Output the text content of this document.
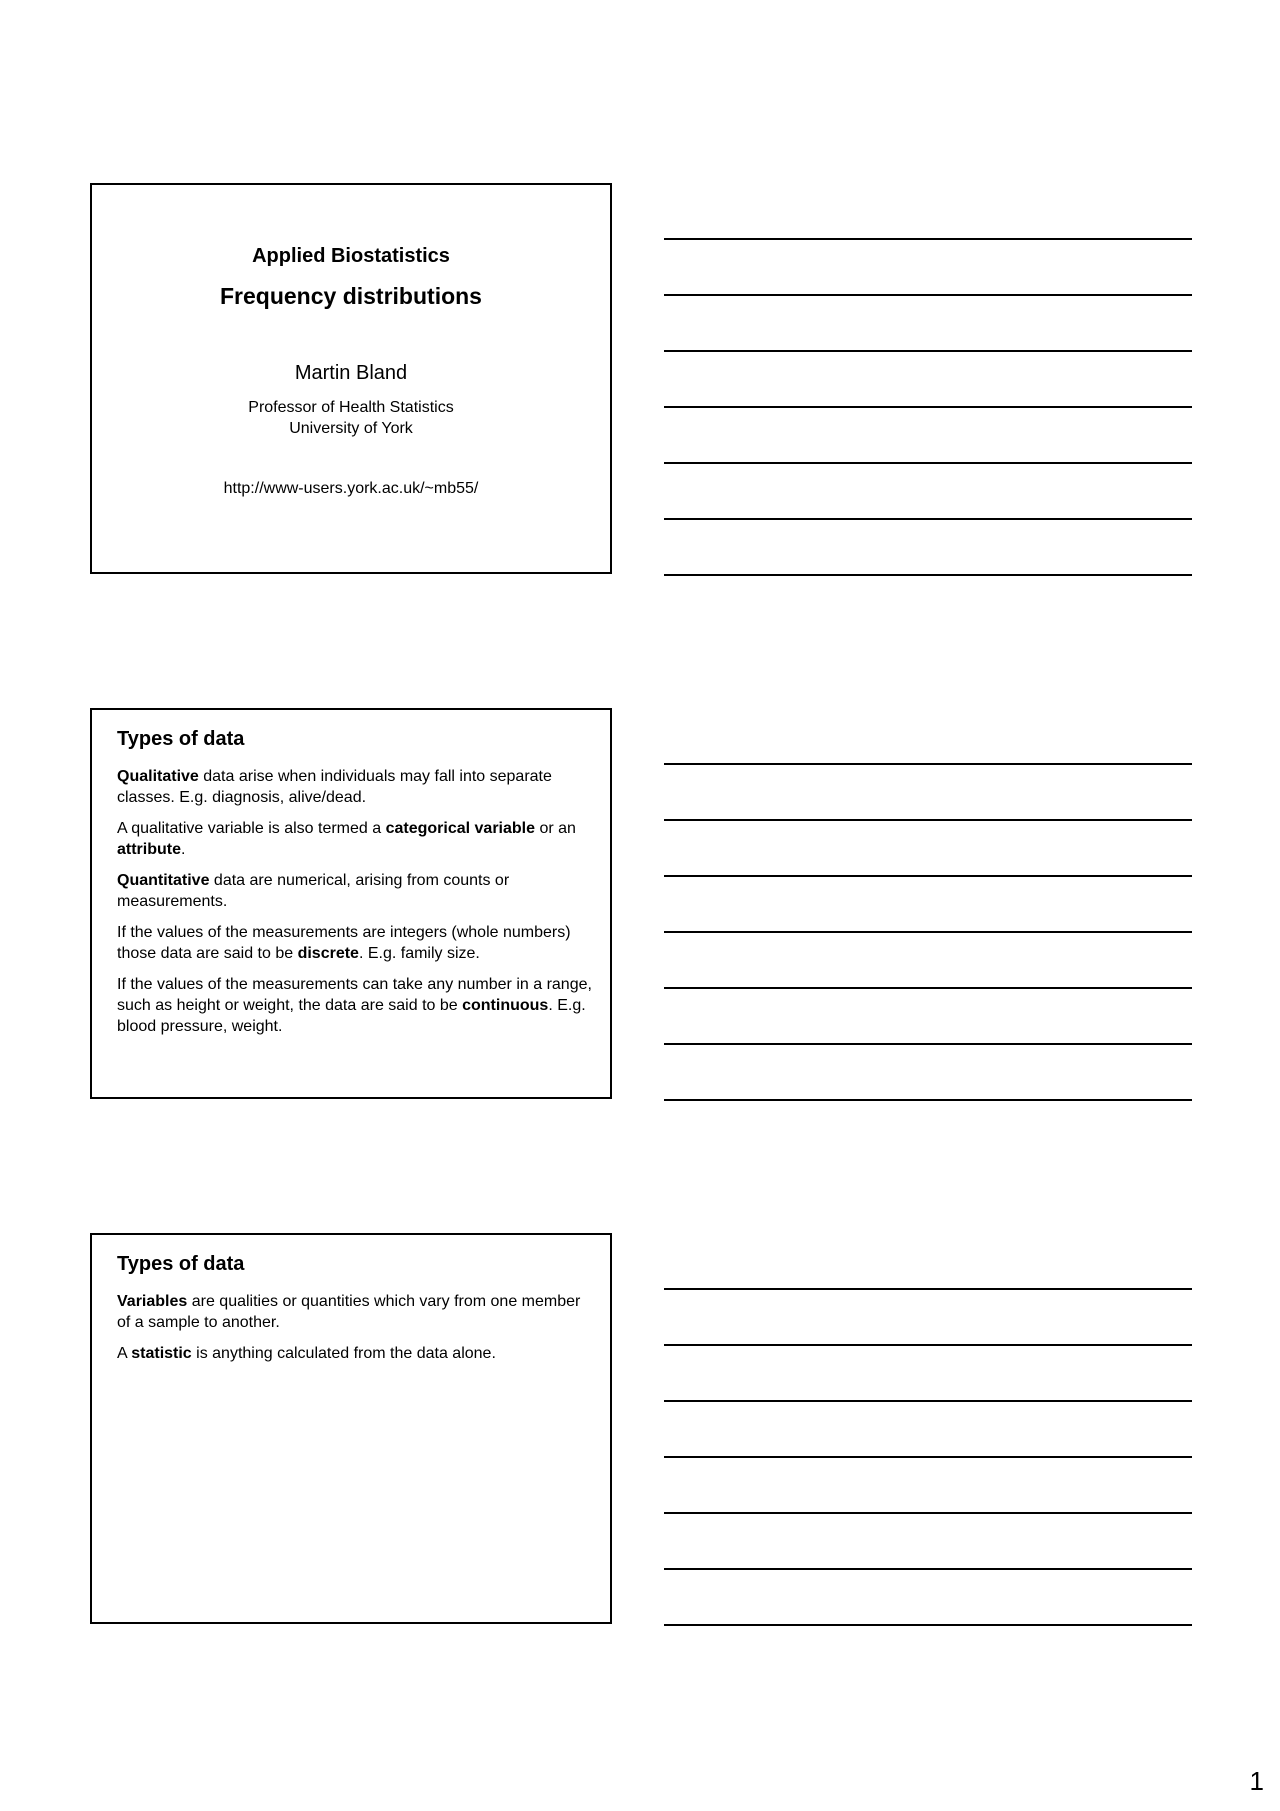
Applied Biostatistics
Frequency distributions
Martin Bland
Professor of Health Statistics
University of York
http://www-users.york.ac.uk/~mb55/
Types of data
Qualitative data arise when individuals may fall into separate classes. E.g. diagnosis, alive/dead.
A qualitative variable is also termed a categorical variable or an attribute.
Quantitative data are numerical, arising from counts or measurements.
If the values of the measurements are integers (whole numbers) those data are said to be discrete. E.g. family size.
If the values of the measurements can take any number in a range, such as height or weight, the data are said to be continuous. E.g. blood pressure, weight.
Types of data
Variables are qualities or quantities which vary from one member of a sample to another.
A statistic is anything calculated from the data alone.
1
